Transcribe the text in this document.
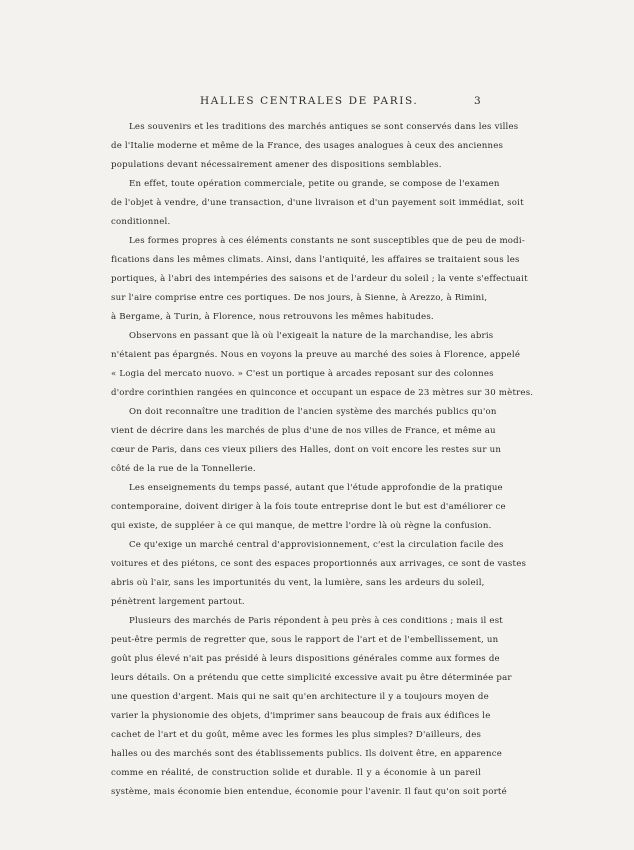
HALLES CENTRALES DE PARIS.	3
Les souvenirs et les traditions des marchés antiques se sont conservés dans les villes
de l'Italie moderne et même de la France, des usages analogues à ceux des anciennes
populations devant nécessairement amener des dispositions semblables.
En effet, toute opération commerciale, petite ou grande, se compose de l'examen
de l'objet à vendre, d'une transaction, d'une livraison et d'un payement soit immédiat, soit
conditionnel.
Les formes propres à ces éléments constants ne sont susceptibles que de peu de modi-
fications dans les mêmes climats. Ainsi, dans l'antiquité, les affaires se traitaient sous les
portiques, à l'abri des intempéries des saisons et de l'ardeur du soleil ; la vente s'effectuait
sur l'aire comprise entre ces portiques. De nos jours, à Sienne, à Arezzo, à Rimini,
à Bergame, à Turin, à Florence, nous retrouvons les mêmes habitudes.
Observons en passant que là où l'exigeait la nature de la marchandise, les abris
n'étaient pas épargnés. Nous en voyons la preuve au marché des soies à Florence, appelé
« Logia del mercato nuovo. » C'est un portique à arcades reposant sur des colonnes
d'ordre corinthien rangées en quinconce et occupant un espace de 23 mètres sur 30 mètres.
On doit reconnaître une tradition de l'ancien système des marchés publics qu'on
vient de décrire dans les marchés de plus d'une de nos villes de France, et même au
cœur de Paris, dans ces vieux piliers des Halles, dont on voit encore les restes sur un
côté de la rue de la Tonnellerie.
Les enseignements du temps passé, autant que l'étude approfondie de la pratique
contemporaine, doivent diriger à la fois toute entreprise dont le but est d'améliorer ce
qui existe, de suppléer à ce qui manque, de mettre l'ordre là où règne la confusion.
Ce qu'exige un marché central d'approvisionnement, c'est la circulation facile des
voitures et des piétons, ce sont des espaces proportionnés aux arrivages, ce sont de vastes
abris où l'air, sans les importunités du vent, la lumière, sans les ardeurs du soleil,
pénètrent largement partout.
Plusieurs des marchés de Paris répondent à peu près à ces conditions ; mais il est
peut-être permis de regretter que, sous le rapport de l'art et de l'embellissement, un
goût plus élevé n'ait pas présidé à leurs dispositions générales comme aux formes de
leurs détails. On a prétendu que cette simplicité excessive avait pu être déterminée par
une question d'argent. Mais qui ne sait qu'en architecture il y a toujours moyen de
varier la physionomie des objets, d'imprimer sans beaucoup de frais aux édifices le
cachet de l'art et du goût, même avec les formes les plus simples? D'ailleurs, des
halles ou des marchés sont des établissements publics. Ils doivent être, en apparence
comme en réalité, de construction solide et durable. Il y a économie à un pareil
système, mais économie bien entendue, économie pour l'avenir. Il faut qu'on soit porté
